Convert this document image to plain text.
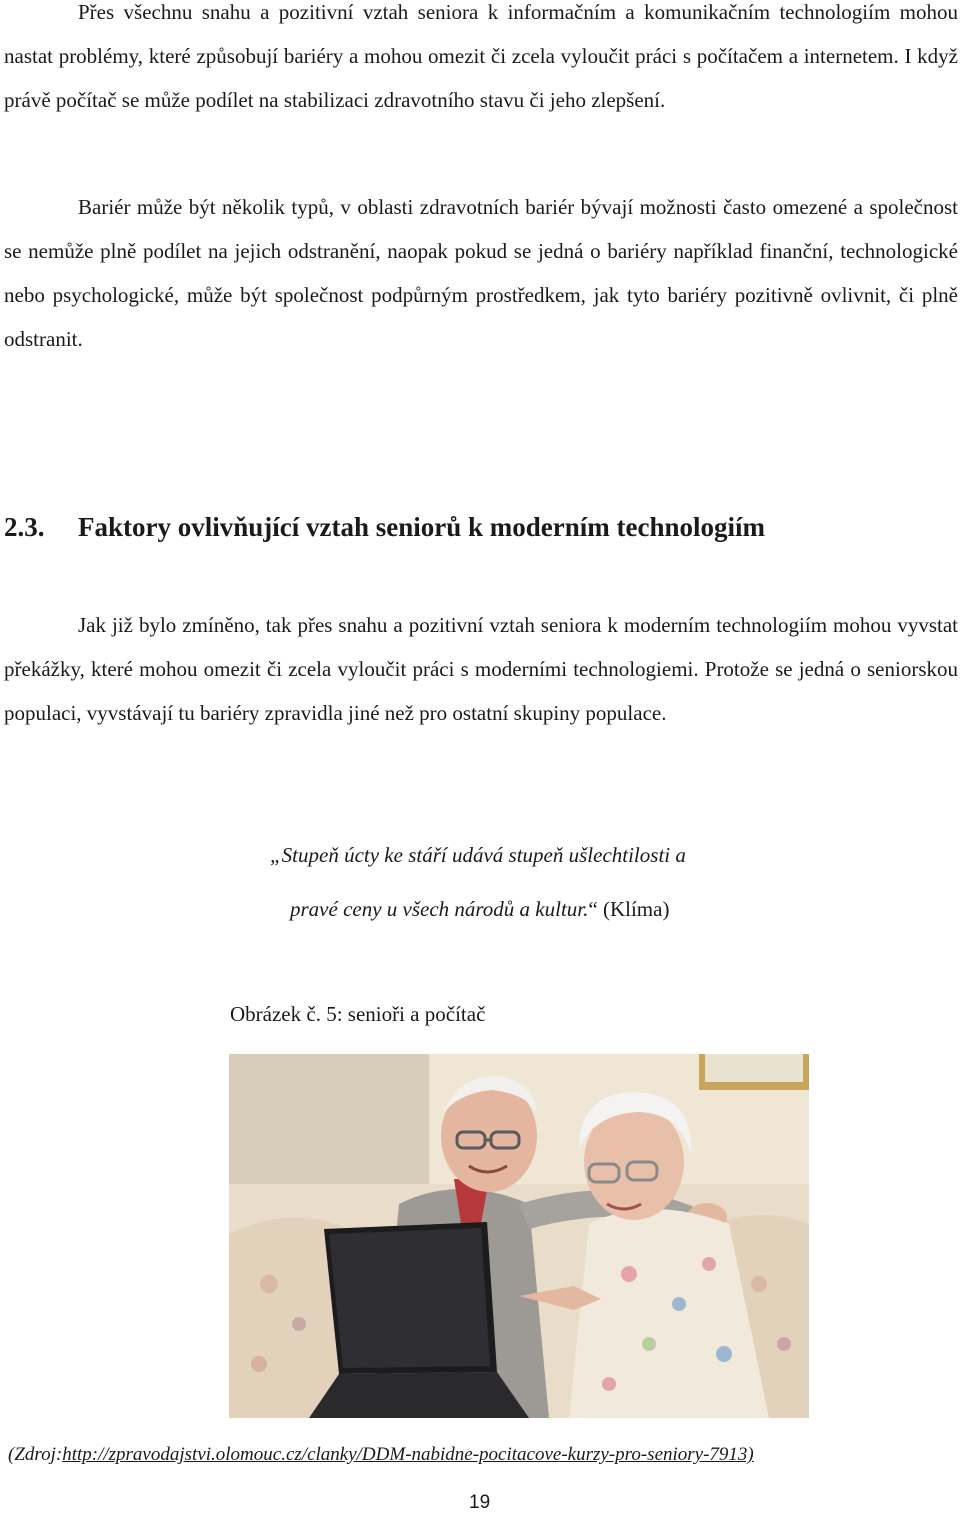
Přes všechnu snahu a pozitivní vztah seniora k informačním a komunikačním technologiím mohou nastat problémy, které způsobují bariéry a mohou omezit či zcela vyloučit práci s počítačem a internetem. I když právě počítač se může podílet na stabilizaci zdravotního stavu či jeho zlepšení.

Bariér může být několik typů, v oblasti zdravotních bariér bývají možnosti často omezené a společnost se nemůže plně podílet na jejich odstranění, naopak pokud se jedná o bariéry například finanční, technologické nebo psychologické, může být společnost podpůrným prostředkem, jak tyto bariéry pozitivně ovlivnit, či plně odstranit.

2.3. Faktory ovlivňující vztah seniorů k moderním technologiím

Jak již bylo zmíněno, tak přes snahu a pozitivní vztah seniora k moderním technologiím mohou vyvstat překážky, které mohou omezit či zcela vyloučit práci s moderními technologiemi. Protože se jedná o seniorskou populaci, vyvstávají tu bariéry zpravidla jiné než pro ostatní skupiny populace.

„Stupeň úcty ke stáří udává stupeň ušlechtilosti a

pravé ceny u všech národů a kultur.“ (Klíma)

Obrázek č. 5: senioři a počítač

(Zdroj:http://zpravodajstvi.olomouc.cz/clanky/DDM-nabidne-pocitacove-kurzy-pro-seniory-7913)

19
